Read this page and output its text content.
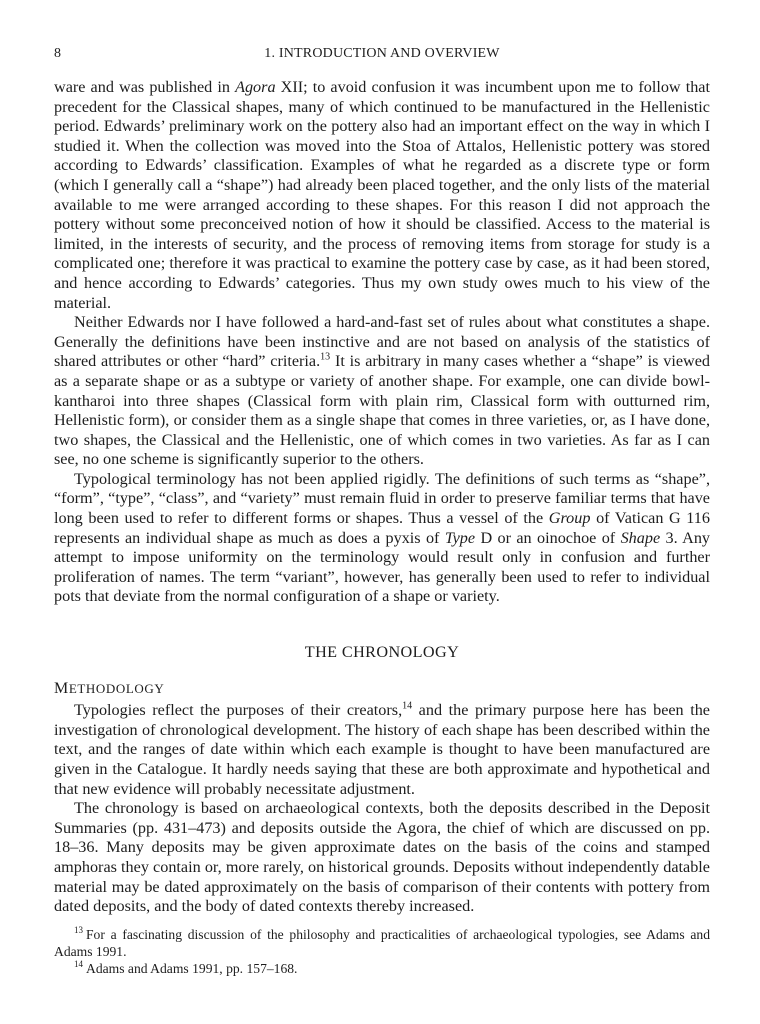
8	1. INTRODUCTION AND OVERVIEW

ware and was published in Agora XII; to avoid confusion it was incumbent upon me to follow that precedent for the Classical shapes, many of which continued to be manufactured in the Hellenistic period. Edwards’ preliminary work on the pottery also had an important effect on the way in which I studied it. When the collection was moved into the Stoa of Attalos, Hellenistic pottery was stored according to Edwards’ classification. Examples of what he regarded as a discrete type or form (which I generally call a “shape”) had already been placed together, and the only lists of the material available to me were arranged according to these shapes. For this reason I did not approach the pottery without some preconceived notion of how it should be classified. Access to the material is limited, in the interests of security, and the process of removing items from storage for study is a complicated one; therefore it was practical to examine the pottery case by case, as it had been stored, and hence according to Edwards’ categories. Thus my own study owes much to his view of the material.

Neither Edwards nor I have followed a hard-and-fast set of rules about what constitutes a shape. Generally the definitions have been instinctive and are not based on analysis of the statistics of shared attributes or other “hard” criteria.$^{13}$ It is arbitrary in many cases whether a “shape” is viewed as a separate shape or as a subtype or variety of another shape. For example, one can divide bowl-kantharoi into three shapes (Classical form with plain rim, Classical form with outturned rim, Hellenistic form), or consider them as a single shape that comes in three varieties, or, as I have done, two shapes, the Classical and the Hellenistic, one of which comes in two varieties. As far as I can see, no one scheme is significantly superior to the others.

Typological terminology has not been applied rigidly. The definitions of such terms as “shape”, “form”, “type”, “class”, and “variety” must remain fluid in order to preserve familiar terms that have long been used to refer to different forms or shapes. Thus a vessel of the Group of Vatican G 116 represents an individual shape as much as does a pyxis of Type D or an oinochoe of Shape 3. Any attempt to impose uniformity on the terminology would result only in confusion and further proliferation of names. The term “variant”, however, has generally been used to refer to individual pots that deviate from the normal configuration of a shape or variety.

THE CHRONOLOGY
METHODOLOGY

Typologies reflect the purposes of their creators,$^{14}$ and the primary purpose here has been the investigation of chronological development. The history of each shape has been described within the text, and the ranges of date within which each example is thought to have been manufactured are given in the Catalogue. It hardly needs saying that these are both approximate and hypothetical and that new evidence will probably necessitate adjustment.

The chronology is based on archaeological contexts, both the deposits described in the Deposit Summaries (pp. 431–473) and deposits outside the Agora, the chief of which are discussed on pp. 18–36. Many deposits may be given approximate dates on the basis of the coins and stamped amphoras they contain or, more rarely, on historical grounds. Deposits without independently datable material may be dated approximately on the basis of comparison of their contents with pottery from dated deposits, and the body of dated contexts thereby increased.

$^{13}$ For a fascinating discussion of the philosophy and practicalities of archaeological typologies, see Adams and Adams 1991.

$^{14}$ Adams and Adams 1991, pp. 157–168.
